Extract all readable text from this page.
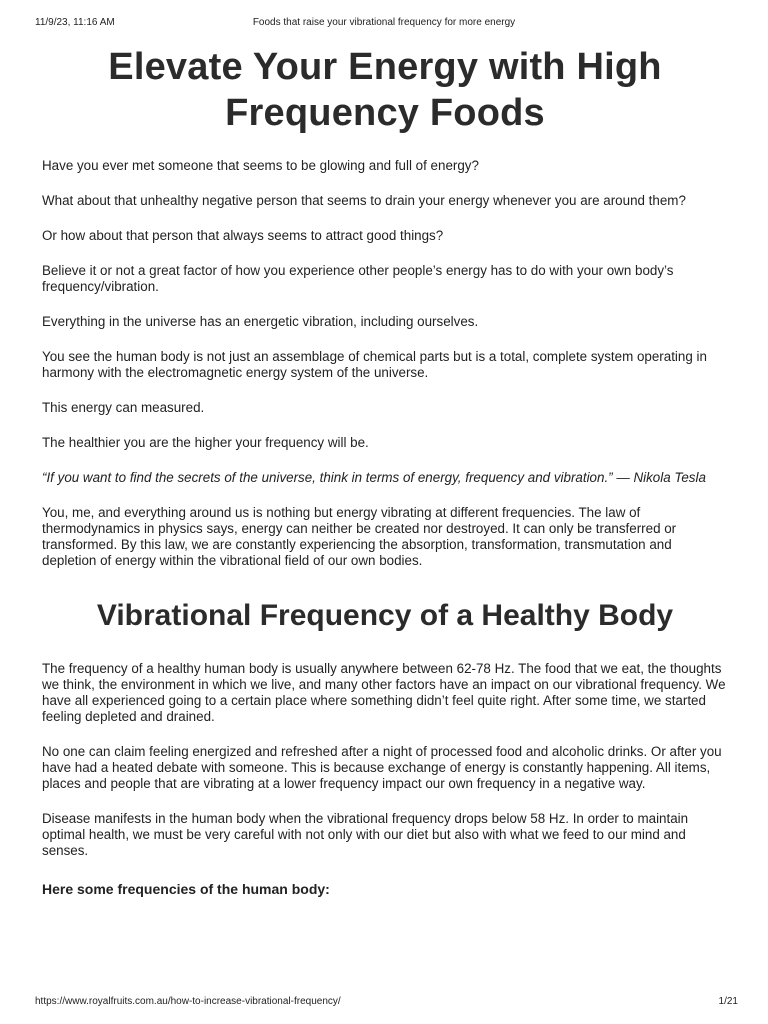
11/9/23, 11:16 AM	Foods that raise your vibrational frequency for more energy
Elevate Your Energy with High Frequency Foods

Have you ever met someone that seems to be glowing and full of energy?

What about that unhealthy negative person that seems to drain your energy whenever you are around them?

Or how about that person that always seems to attract good things?

Believe it or not a great factor of how you experience other people’s energy has to do with your own body’s frequency/vibration.

Everything in the universe has an energetic vibration, including ourselves.

You see the human body is not just an assemblage of chemical parts but is a total, complete system operating in harmony with the electromagnetic energy system of the universe.

This energy can measured.

The healthier you are the higher your frequency will be.

“If you want to find the secrets of the universe, think in terms of energy, frequency and vibration.” — Nikola Tesla

You, me, and everything around us is nothing but energy vibrating at different frequencies. The law of thermodynamics in physics says, energy can neither be created nor destroyed. It can only be transferred or transformed. By this law, we are constantly experiencing the absorption, transformation, transmutation and depletion of energy within the vibrational field of our own bodies.

Vibrational Frequency of a Healthy Body

The frequency of a healthy human body is usually anywhere between 62-78 Hz. The food that we eat, the thoughts we think, the environment in which we live, and many other factors have an impact on our vibrational frequency. We have all experienced going to a certain place where something didn’t feel quite right. After some time, we started feeling depleted and drained.

No one can claim feeling energized and refreshed after a night of processed food and alcoholic drinks. Or after you have had a heated debate with someone. This is because exchange of energy is constantly happening. All items, places and people that are vibrating at a lower frequency impact our own frequency in a negative way.

Disease manifests in the human body when the vibrational frequency drops below 58 Hz. In order to maintain optimal health, we must be very careful with not only with our diet but also with what we feed to our mind and senses.

Here some frequencies of the human body:

https://www.royalfruits.com.au/how-to-increase-vibrational-frequency/	1/21
